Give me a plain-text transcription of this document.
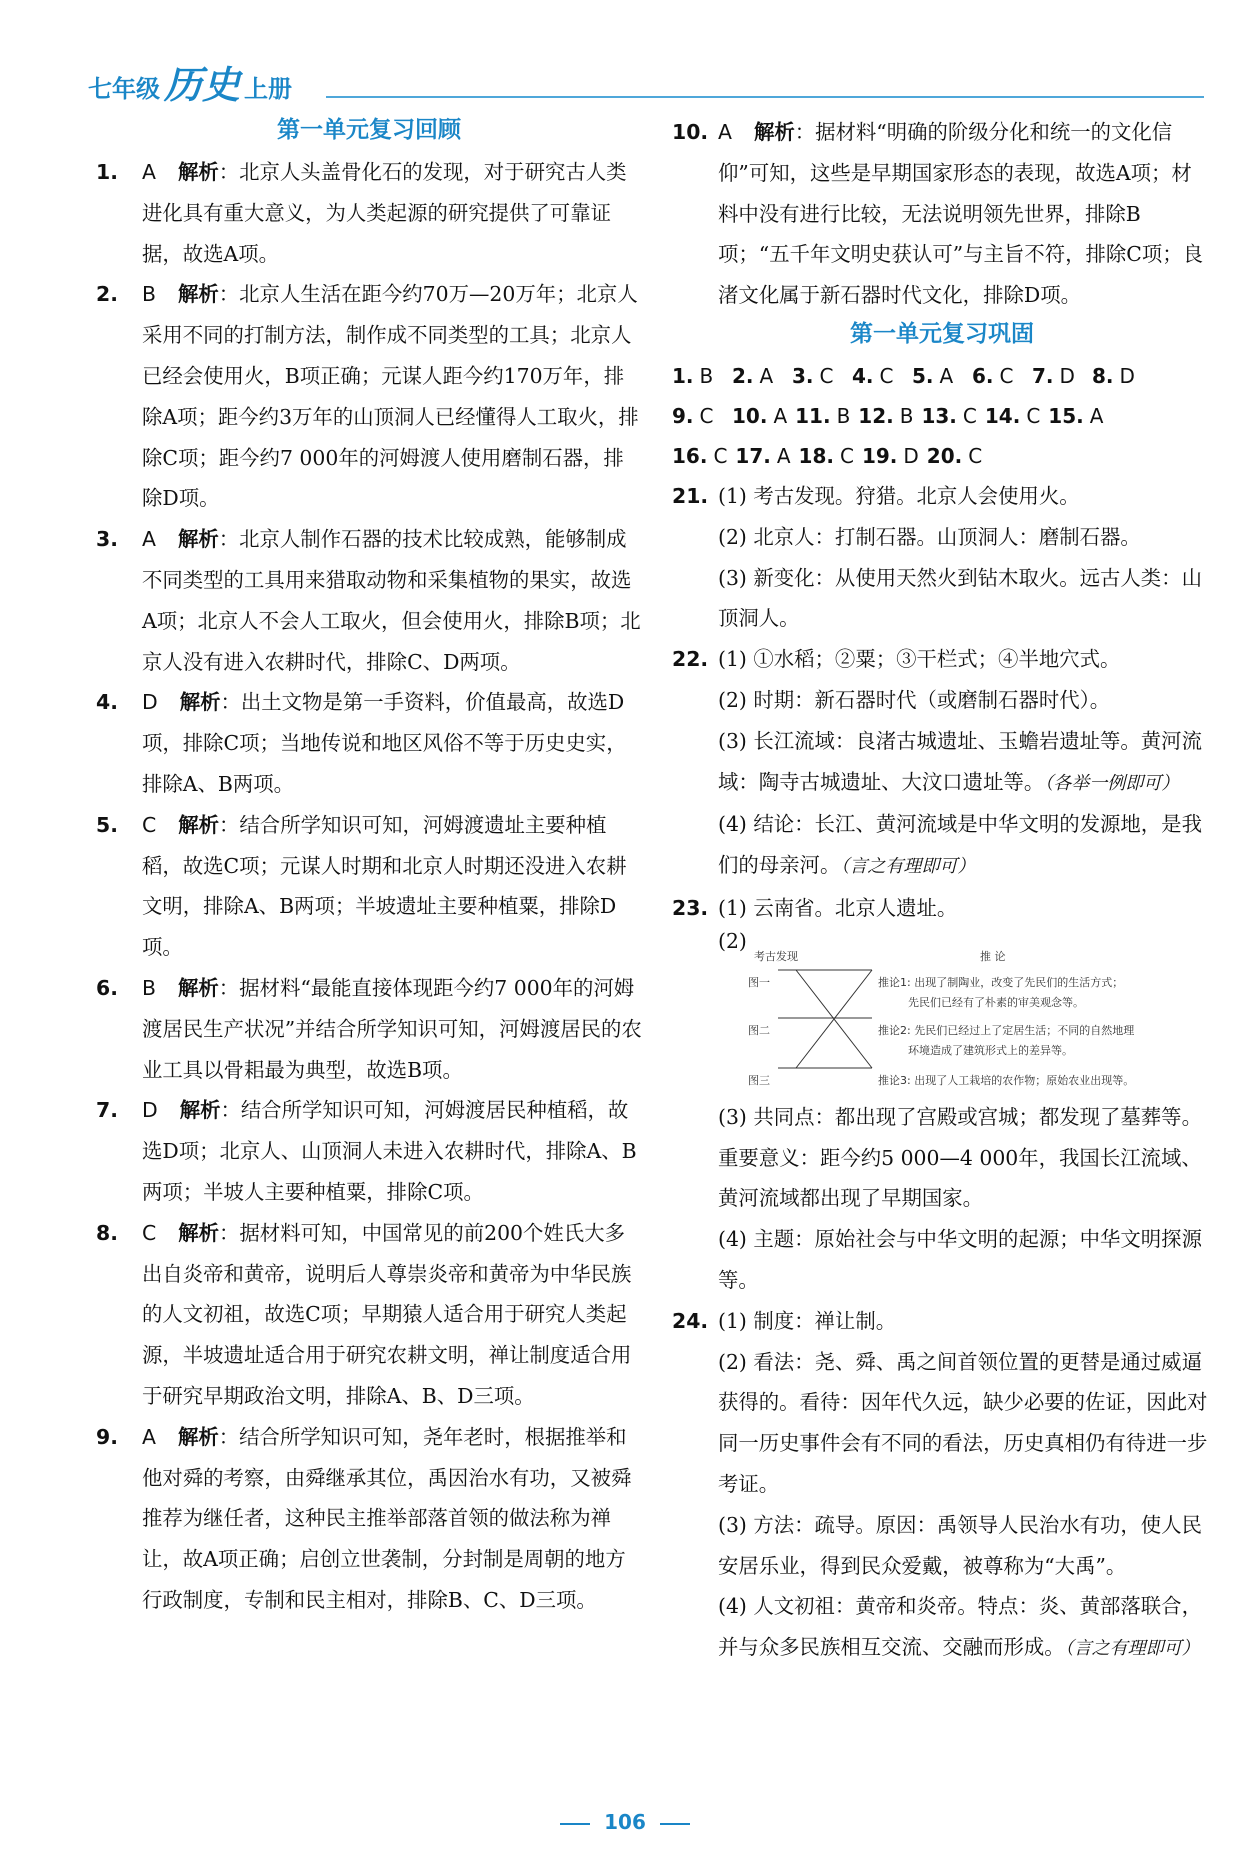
七年级 历史 上册
第一单元复习回顾

1. A 解析：北京人头盖骨化石的发现，对于研究古人类进化具有重大意义，为人类起源的研究提供了可靠证据，故选A项。

2. B 解析：北京人生活在距今约70万—20万年；北京人采用不同的打制方法，制作成不同类型的工具；北京人已经会使用火，B项正确；元谋人距今约170万年，排除A项；距今约3万年的山顶洞人已经懂得人工取火，排除C项；距今约7 000年的河姆渡人使用磨制石器，排除D项。

3. A 解析：北京人制作石器的技术比较成熟，能够制成不同类型的工具用来猎取动物和采集植物的果实，故选A项；北京人不会人工取火，但会使用火，排除B项；北京人没有进入农耕时代，排除C、D两项。

4. D 解析：出土文物是第一手资料，价值最高，故选D项，排除C项；当地传说和地区风俗不等于历史史实，排除A、B两项。

5. C 解析：结合所学知识可知，河姆渡遗址主要种植稻，故选C项；元谋人时期和北京人时期还没进入农耕文明，排除A、B两项；半坡遗址主要种植粟，排除D项。

6. B 解析：据材料“最能直接体现距今约7 000年的河姆渡居民生产状况”并结合所学知识可知，河姆渡居民的农业工具以骨耜最为典型，故选B项。

7. D 解析：结合所学知识可知，河姆渡居民种植稻，故选D项；北京人、山顶洞人未进入农耕时代，排除A、B两项；半坡人主要种植粟，排除C项。

8. C 解析：据材料可知，中国常见的前200个姓氏大多出自炎帝和黄帝，说明后人尊崇炎帝和黄帝为中华民族的人文初祖，故选C项；早期猿人适合用于研究人类起源，半坡遗址适合用于研究农耕文明，禅让制度适合用于研究早期政治文明，排除A、B、D三项。

9. A 解析：结合所学知识可知，尧年老时，根据推举和他对舜的考察，由舜继承其位，禹因治水有功，又被舜推荐为继任者，这种民主推举部落首领的做法称为禅让，故A项正确；启创立世袭制，分封制是周朝的地方行政制度，专制和民主相对，排除B、C、D三项。

10. A 解析：据材料“明确的阶级分化和统一的文化信仰”可知，这些是早期国家形态的表现，故选A项；材料中没有进行比较，无法说明领先世界，排除B项；“五千年文明史获认可”与主旨不符，排除C项；良渚文化属于新石器时代文化，排除D项。

第一单元复习巩固
1. B 2. A 3. C 4. C 5. A 6. C 7. D 8. D
9. C 10. A 11. B 12. B 13. C 14. C 15. A
16. C 17. A 18. C 19. D 20. C
21. (1) 考古发现。狩猎。北京人会使用火。
(2) 北京人：打制石器。山顶洞人：磨制石器。
(3) 新变化：从使用天然火到钻木取火。远古人类：山顶洞人。
22. (1) ①水稻；②粟；③干栏式；④半地穴式。
(2) 时期：新石器时代（或磨制石器时代）。
(3) 长江流域：良渚古城遗址、玉蟾岩遗址等。黄河流域：陶寺古城遗址、大汶口遗址等。（各举一例即可）
(4) 结论：长江、黄河流域是中华文明的发源地，是我们的母亲河。（言之有理即可）
23. (1) 云南省。北京人遗址。
(2)
考古发现	推 论
图一
图二
图三
推论1: 出现了制陶业，改变了先民们的生活方式；
先民们已经有了朴素的审美观念等。
推论2: 先民们已经过上了定居生活；不同的自然地理
环境造成了建筑形式上的差异等。
推论3: 出现了人工栽培的农作物；原始农业出现等。
(3) 共同点：都出现了宫殿或宫城；都发现了墓葬等。重要意义：距今约5 000—4 000年，我国长江流域、黄河流域都出现了早期国家。
(4) 主题：原始社会与中华文明的起源；中华文明探源等。
24. (1) 制度：禅让制。
(2) 看法：尧、舜、禹之间首领位置的更替是通过威逼获得的。看待：因年代久远，缺少必要的佐证，因此对同一历史事件会有不同的看法，历史真相仍有待进一步考证。
(3) 方法：疏导。原因：禹领导人民治水有功，使人民安居乐业，得到民众爱戴，被尊称为“大禹”。
(4) 人文初祖：黄帝和炎帝。特点：炎、黄部落联合，并与众多民族相互交流、交融而形成。（言之有理即可）
106
